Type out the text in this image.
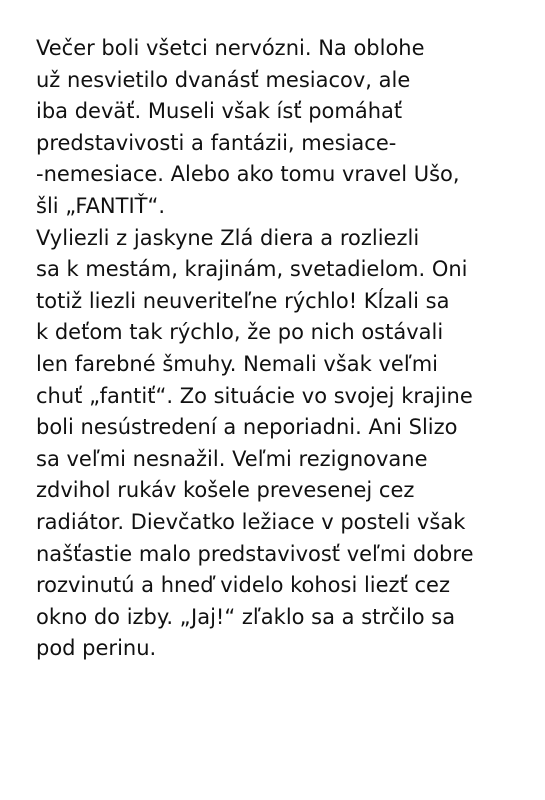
Večer boli všetci nervózni. Na oblohe
už nesvietilo dvanásť mesiacov, ale
iba deväť. Museli však ísť pomáhať
predstavivosti a fantázii, mesiace-
-nemesiace. Alebo ako tomu vravel Ušo,
šli „FANTIŤ“.
Vyliezli z jaskyne Zlá diera a rozliezli
sa k mestám, krajinám, svetadielom. Oni
totiž liezli neuveriteľne rýchlo! Kĺzali sa
k deťom tak rýchlo, že po nich ostávali
len farebné šmuhy. Nemali však veľmi
chuť „fantiť“. Zo situácie vo svojej krajine
boli nesústredení a neporiadni. Ani Slizo
sa veľmi nesnažil. Veľmi rezignovane
zdvihol rukáv košele prevesenej cez
radiátor. Dievčatko ležiace v posteli však
našťastie malo predstavivosť veľmi dobre
rozvinutú a hneď videlo kohosi liezť cez
okno do izby. „Jaj!“ zľaklo sa a strčilo sa
pod perinu.
